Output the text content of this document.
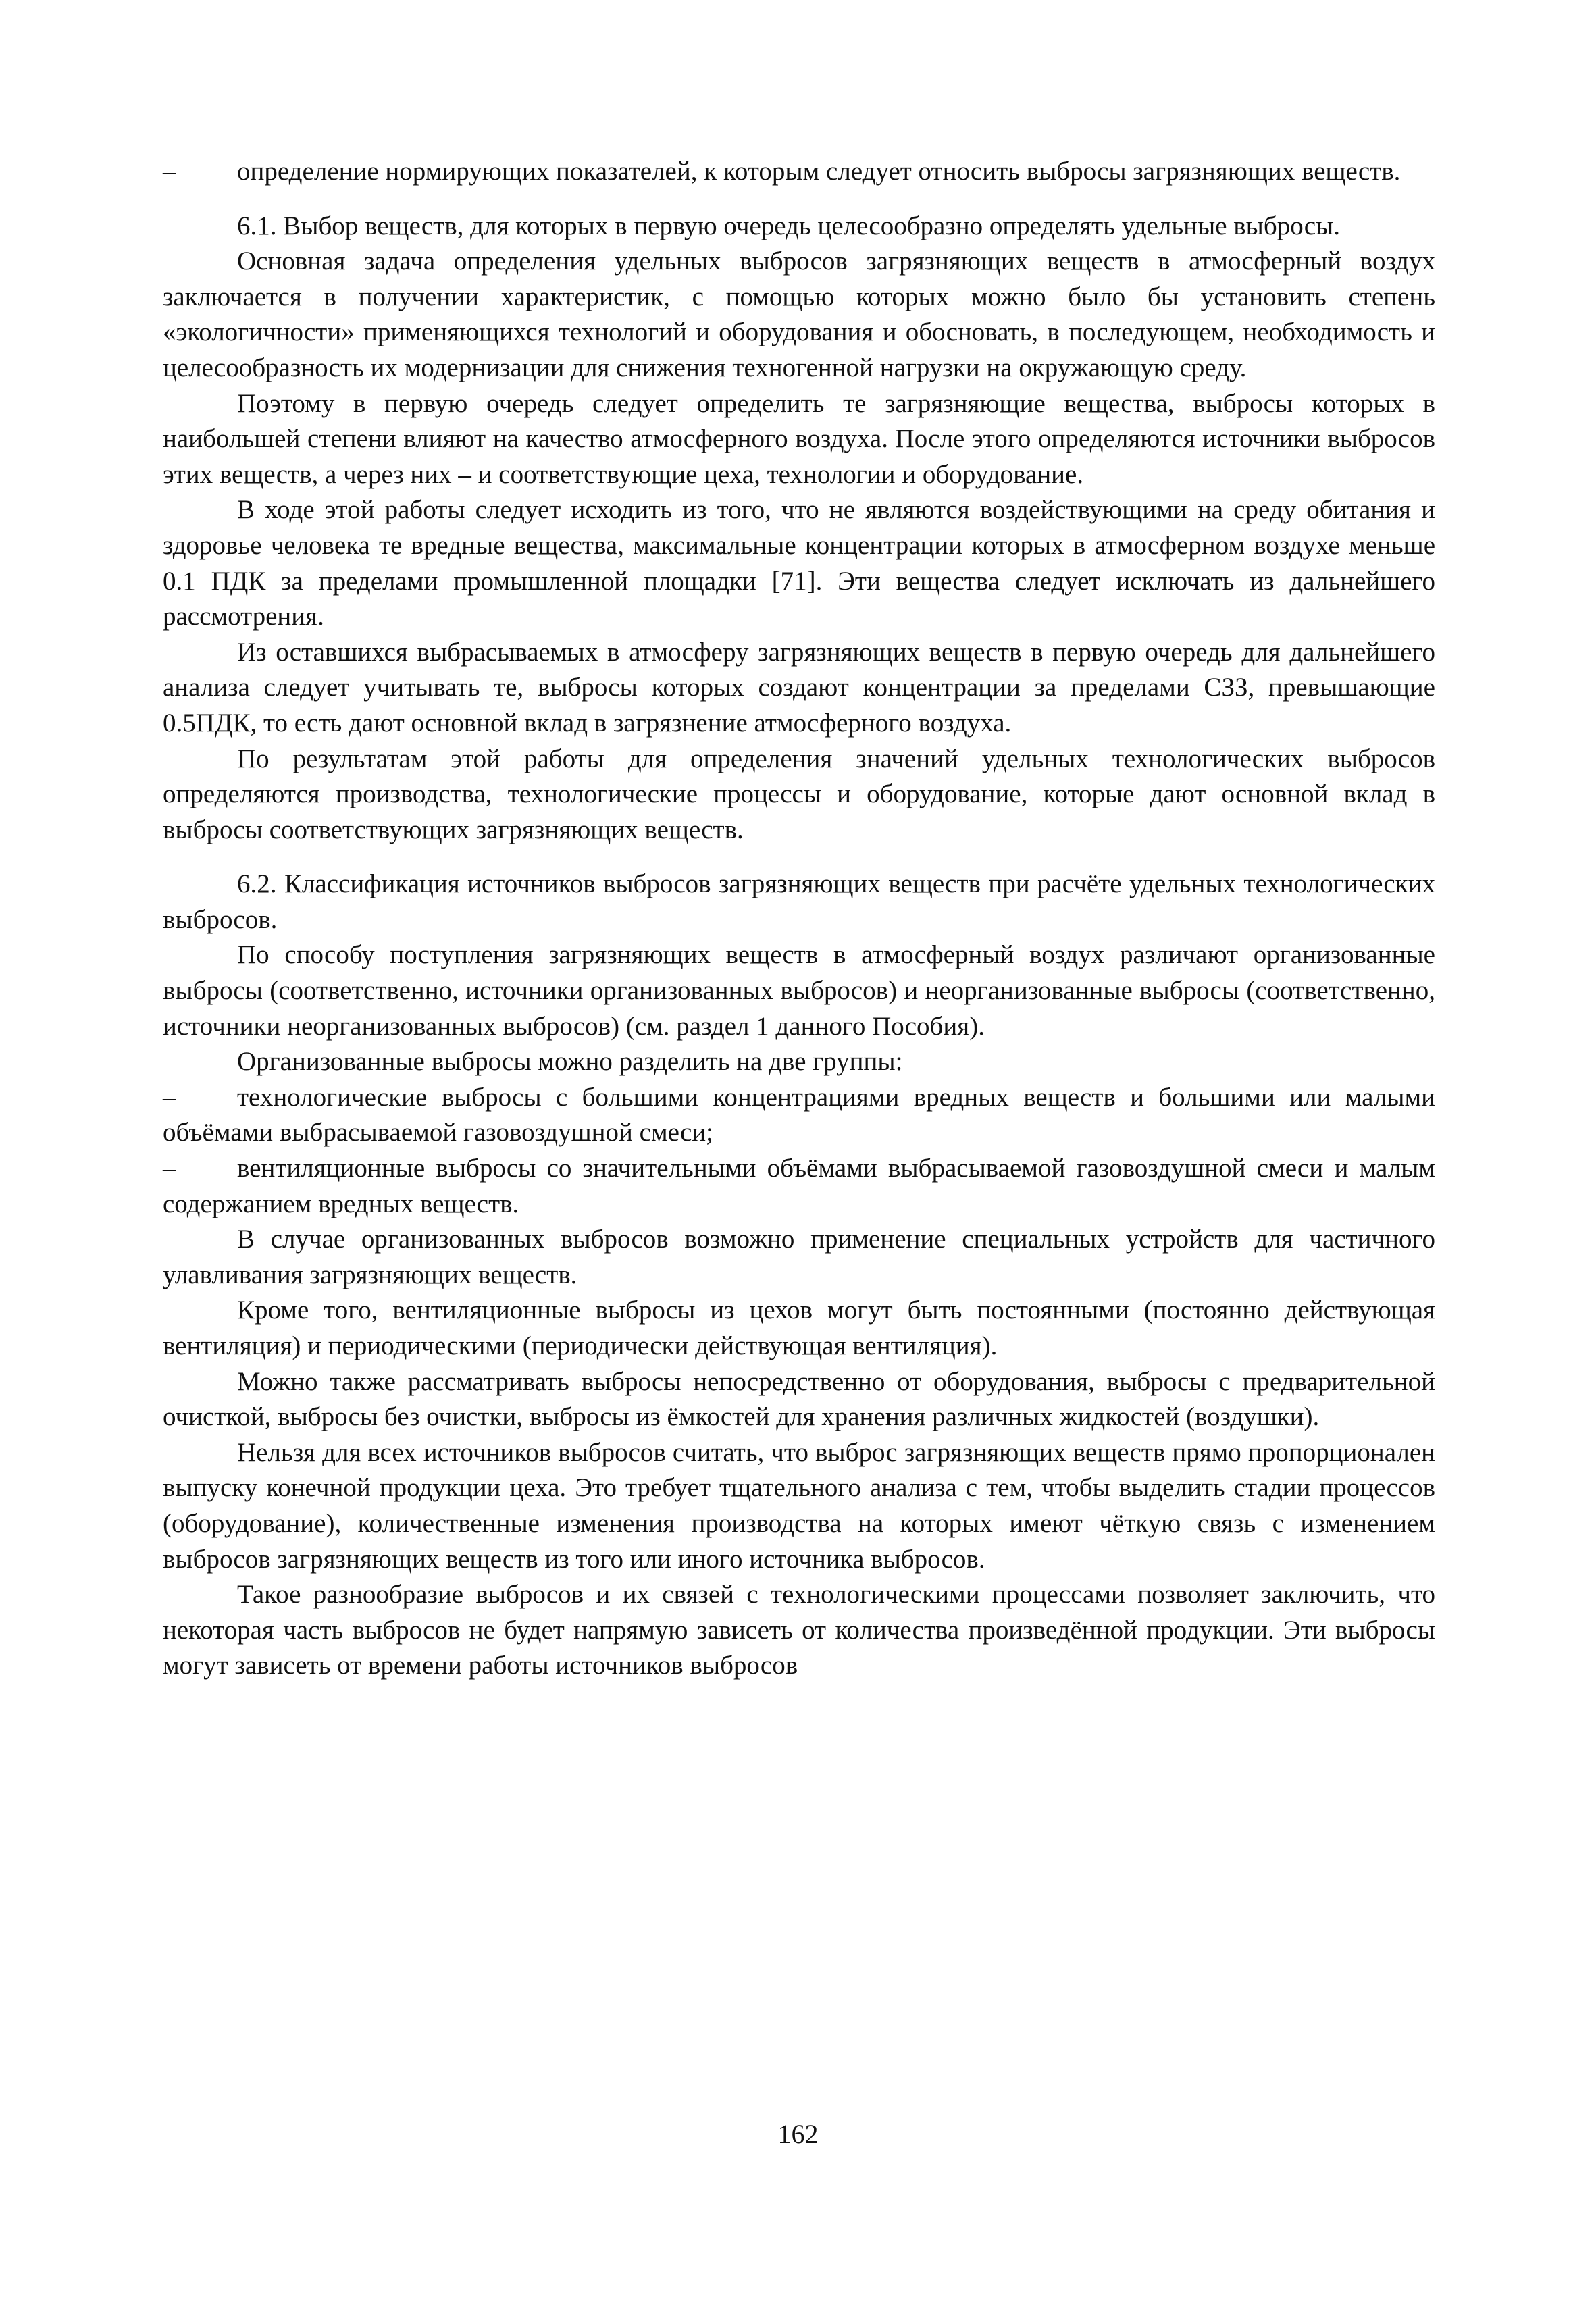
– определение нормирующих показателей, к которым следует относить выбросы загрязняющих веществ.

6.1. Выбор веществ, для которых в первую очередь целесообразно определять удельные выбросы.

Основная задача определения удельных выбросов загрязняющих веществ в атмосферный воздух заключается в получении характеристик, с помощью которых можно было бы установить степень «экологичности» применяющихся технологий и оборудования и обосновать, в последующем, необходимость и целесообразность их модернизации для снижения техногенной нагрузки на окружающую среду.

Поэтому в первую очередь следует определить те загрязняющие вещества, выбросы которых в наибольшей степени влияют на качество атмосферного воздуха. После этого определяются источники выбросов этих веществ, а через них – и соответствующие цеха, технологии и оборудование.

В ходе этой работы следует исходить из того, что не являются воздействующими на среду обитания и здоровье человека те вредные вещества, максимальные концентрации которых в атмосферном воздухе меньше 0.1 ПДК за пределами промышленной площадки [71]. Эти вещества следует исключать из дальнейшего рассмотрения.

Из оставшихся выбрасываемых в атмосферу загрязняющих веществ в первую очередь для дальнейшего анализа следует учитывать те, выбросы которых создают концентрации за пределами СЗЗ, превышающие 0.5ПДК, то есть дают основной вклад в загрязнение атмосферного воздуха.

По результатам этой работы для определения значений удельных технологических выбросов определяются производства, технологические процессы и оборудование, которые дают основной вклад в выбросы соответствующих загрязняющих веществ.

6.2. Классификация источников выбросов загрязняющих веществ при расчёте удельных технологических выбросов.

По способу поступления загрязняющих веществ в атмосферный воздух различают организованные выбросы (соответственно, источники организованных выбросов) и неорганизованные выбросы (соответственно, источники неорганизованных выбросов) (см. раздел 1 данного Пособия).

Организованные выбросы можно разделить на две группы:

– технологические выбросы с большими концентрациями вредных веществ и большими или малыми объёмами выбрасываемой газовоздушной смеси;

– вентиляционные выбросы со значительными объёмами выбрасываемой газовоздушной смеси и малым содержанием вредных веществ.

В случае организованных выбросов возможно применение специальных устройств для частичного улавливания загрязняющих веществ.

Кроме того, вентиляционные выбросы из цехов могут быть постоянными (постоянно действующая вентиляция) и периодическими (периодически действующая вентиляция).

Можно также рассматривать выбросы непосредственно от оборудования, выбросы с предварительной очисткой, выбросы без очистки, выбросы из ёмкостей для хранения различных жидкостей (воздушки).

Нельзя для всех источников выбросов считать, что выброс загрязняющих веществ прямо пропорционален выпуску конечной продукции цеха. Это требует тщательного анализа с тем, чтобы выделить стадии процессов (оборудование), количественные изменения производства на которых имеют чёткую связь с изменением выбросов загрязняющих веществ из того или иного источника выбросов.

Такое разнообразие выбросов и их связей с технологическими процессами позволяет заключить, что некоторая часть выбросов не будет напрямую зависеть от количества произведённой продукции. Эти выбросы могут зависеть от времени работы источников выбросов

162
